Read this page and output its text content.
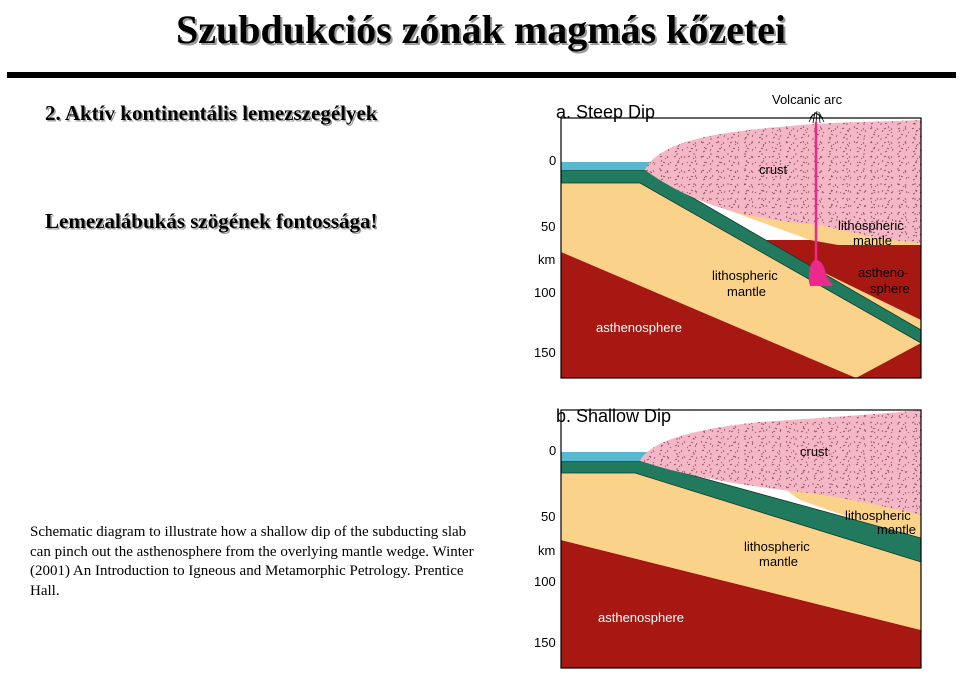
Szubdukciós zónák magmás kőzetei
2. Aktív kontinentális lemezszegélyek
Lemezalábukás szögének fontossága!
Schematic diagram to illustrate how a shallow dip of the subducting slab can pinch out the asthenosphere from the overlying mantle wedge. Winter (2001) An Introduction to Igneous and Metamorphic Petrology. Prentice Hall.
a. Steep Dip
Volcanic arc
crust
lithospheric
mantle
astheno-
sphere
lithospheric
mantle
asthenosphere
0
50
km
100
150
b. Shallow Dip
crust
lithospheric
mantle
lithospheric
mantle
asthenosphere
0
50
km
100
150
